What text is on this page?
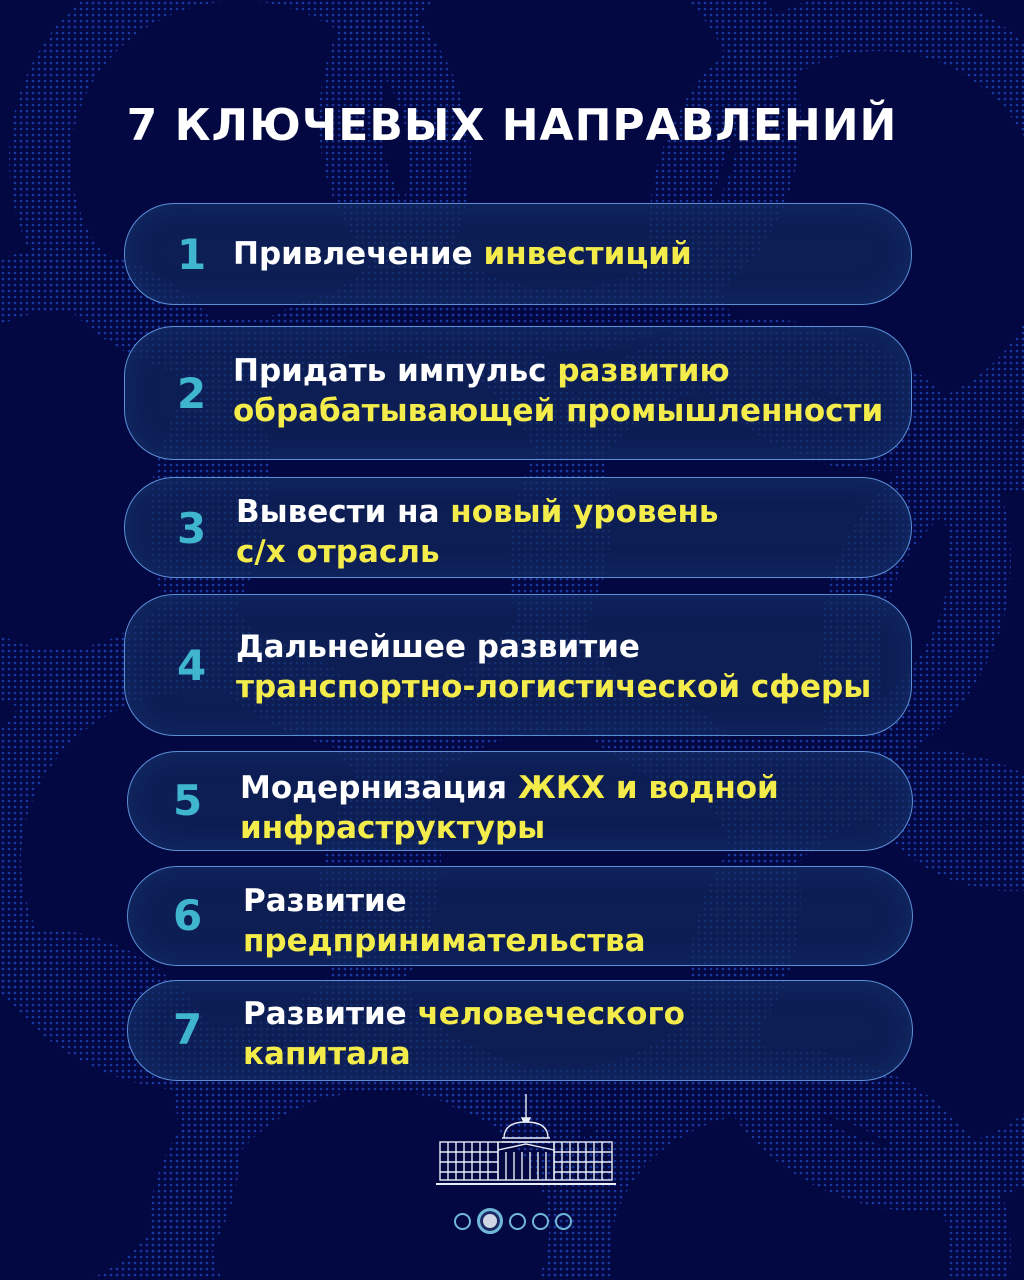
7 КЛЮЧЕВЫХ НАПРАВЛЕНИЙ
1 Привлечение инвестиций
2 Придать импульс развитию
обрабатывающей промышленности
3 Вывести на новый уровень
с/х отрасль
4 Дальнейшее развитие
транспортно-логистической сферы
5 Модернизация ЖКХ и водной
инфраструктуры
6 Развитие
предпринимательства
7 Развитие человеческого
капитала
